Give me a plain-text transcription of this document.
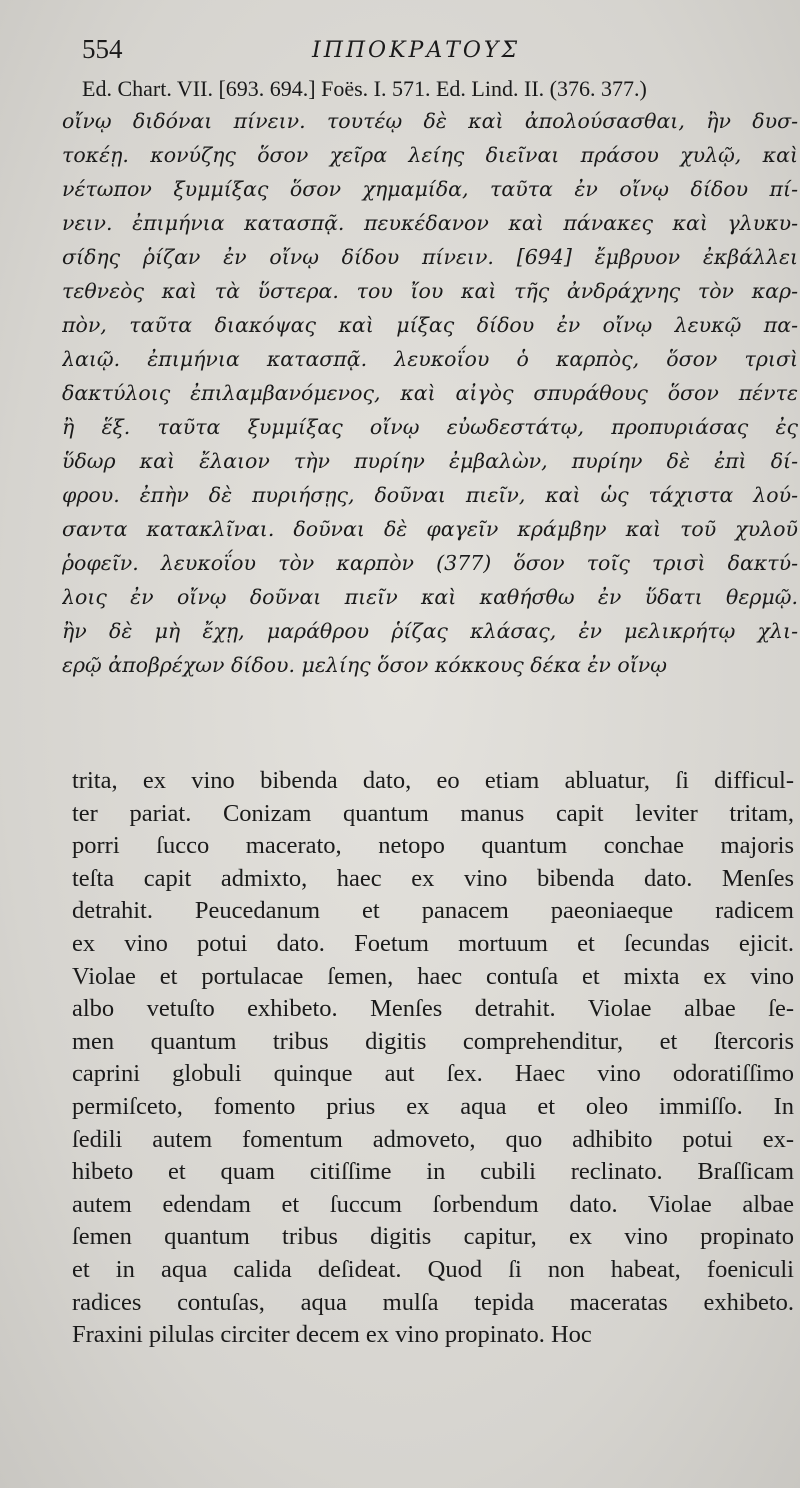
554	ΙΠΠΟΚΡΑΤΟΥΣ
Ed. Chart. VII. [693. 694.] Foës. I. 571. Ed. Lind. II. (376. 377.)
οἴνῳ διδόναι πίνειν. τουτέῳ δὲ καὶ ἀπολούσασθαι, ἢν δυσ-
τοκέῃ. κονύζης ὅσον χεῖρα λείης διεῖναι πράσου χυλῷ, καὶ
νέτωπον ξυμμίξας ὅσον χημαμίδα, ταῦτα ἐν οἴνῳ δίδου πί-
νειν. ἐπιμήνια κατασπᾷ. πευκέδανον καὶ πάνακες καὶ γλυκυ-
σίδης ῥίζαν ἐν οἴνῳ δίδου πίνειν. [694] ἔμβρυον ἐκβάλλει
τεθνεὸς καὶ τὰ ὕστερα. του ἴου καὶ τῆς ἀνδράχνης τὸν καρ-
πὸν, ταῦτα διακόψας καὶ μίξας δίδου ἐν οἴνῳ λευκῷ πα-
λαιῷ. ἐπιμήνια κατασπᾷ. λευκοΐου ὁ καρπὸς, ὅσον τρισὶ
δακτύλοις ἐπιλαμβανόμενος, καὶ αἰγὸς σπυράθους ὅσον πέντε
ἢ ἕξ. ταῦτα ξυμμίξας οἴνῳ εὐωδεστάτῳ, προπυριάσας ἐς
ὕδωρ καὶ ἔλαιον τὴν πυρίην ἐμβαλὼν, πυρίην δὲ ἐπὶ δί-
φρου. ἐπὴν δὲ πυριήσῃς, δοῦναι πιεῖν, καὶ ὡς τάχιστα λού-
σαντα κατακλῖναι. δοῦναι δὲ φαγεῖν κράμβην καὶ τοῦ χυλοῦ
ῥοφεῖν. λευκοΐου τὸν καρπὸν (377) ὅσον τοῖς τρισὶ δακτύ-
λοις ἐν οἴνῳ δοῦναι πιεῖν καὶ καθήσθω ἐν ὕδατι θερμῷ.
ἢν δὲ μὴ ἔχῃ, μαράθρου ῥίζας κλάσας, ἐν μελικρήτῳ χλι-
ερῷ ἀποβρέχων δίδου. μελίης ὅσον κόκκους δέκα ἐν οἴνῳ
trita, ex vino bibenda dato, eo etiam abluatur, ſi difficul-
ter pariat. Conizam quantum manus capit leviter tritam,
porri ſucco macerato, netopo quantum conchae majoris
teſta capit admixto, haec ex vino bibenda dato. Menſes
detrahit. Peucedanum et panacem paeoniaeque radicem
ex vino potui dato. Foetum mortuum et ſecundas ejicit.
Violae et portulacae ſemen, haec contuſa et mixta ex vino
albo vetuſto exhibeto. Menſes detrahit. Violae albae ſe-
men quantum tribus digitis comprehenditur, et ſtercoris
caprini globuli quinque aut ſex. Haec vino odoratiſſimo
permiſceto, fomento prius ex aqua et oleo immiſſo. In
ſedili autem fomentum admoveto, quo adhibito potui ex-
hibeto et quam citiſſime in cubili reclinato. Braſſicam
autem edendam et ſuccum ſorbendum dato. Violae albae
ſemen quantum tribus digitis capitur, ex vino propinato
et in aqua calida deſideat. Quod ſi non habeat, foeniculi
radices contuſas, aqua mulſa tepida maceratas exhibeto.
Fraxini pilulas circiter decem ex vino propinato. Hoc
